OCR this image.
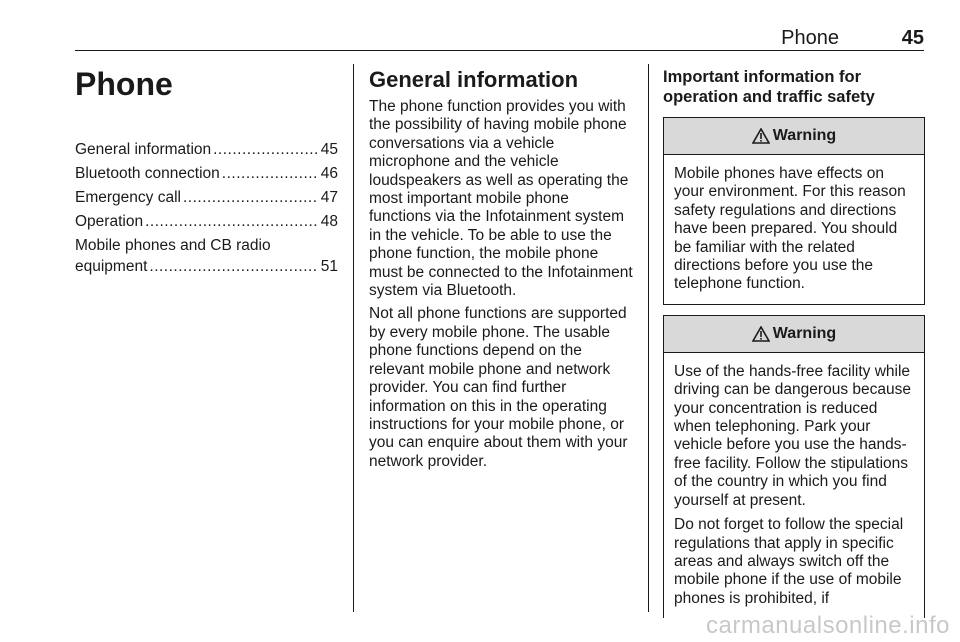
Phone	45
Phone
General information .....	45
Bluetooth connection .....	46
Emergency call .....	47
Operation .....	48
Mobile phones and CB radio
equipment .....	51
General information

The phone function provides you with the possibility of having mobile phone conversations via a vehicle microphone and the vehicle loudspeakers as well as operating the most important mobile phone functions via the Infotainment system in the vehicle. To be able to use the phone function, the mobile phone must be connected to the Infotainment system via Bluetooth.

Not all phone functions are supported by every mobile phone. The usable phone functions depend on the relevant mobile phone and network provider. You can find further information on this in the operating instructions for your mobile phone, or you can enquire about them with your network provider.

Important information for operation and traffic safety
Warning

Mobile phones have effects on your environment. For this reason safety regulations and directions have been prepared. You should be familiar with the related directions before you use the telephone function.

Warning

Use of the hands-free facility while driving can be dangerous because your concentration is reduced when telephoning. Park your vehicle before you use the hands-free facility. Follow the stipulations of the country in which you find yourself at present.

Do not forget to follow the special regulations that apply in specific areas and always switch off the mobile phone if the use of mobile phones is prohibited, if

carmanualsonline.info
